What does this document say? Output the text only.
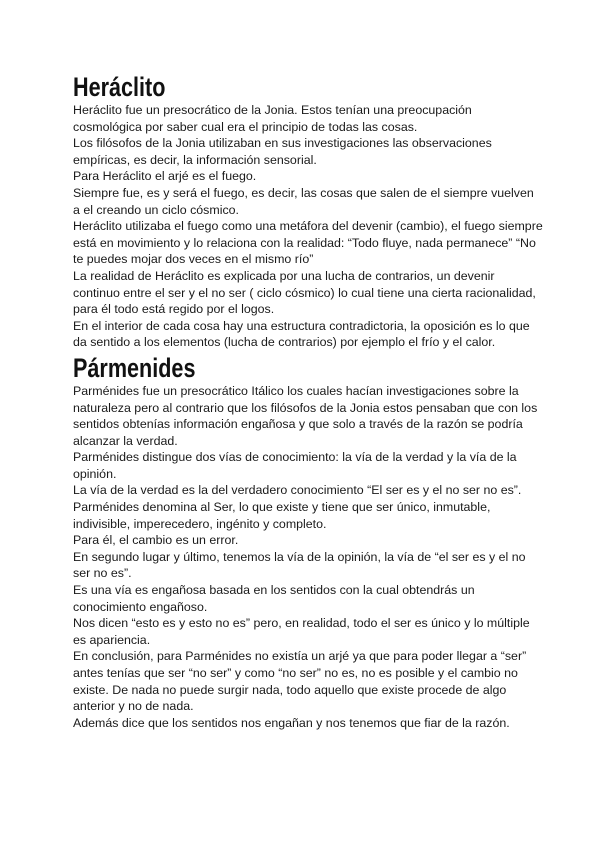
Heráclito

Heráclito fue un presocrático de la Jonia. Estos tenían una preocupación cosmológica por saber cual era el principio de todas las cosas.

Los filósofos de la Jonia utilizaban en sus investigaciones las observaciones empíricas, es decir, la información sensorial.

Para Heráclito el arjé es el fuego.

Siempre fue, es y será el fuego, es decir, las cosas que salen de el siempre vuelven a el creando un ciclo cósmico.

Heráclito utilizaba el fuego como una metáfora del devenir (cambio), el fuego siempre está en movimiento y lo relaciona con la realidad: “Todo fluye, nada permanece” “No te puedes mojar dos veces en el mismo río”

La realidad de Heráclito es explicada por una lucha de contrarios, un devenir continuo entre el ser y el no ser ( ciclo cósmico) lo cual tiene una cierta racionalidad, para él todo está regido por el logos.

En el interior de cada cosa hay una estructura contradictoria, la oposición es lo que da sentido a los elementos (lucha de contrarios) por ejemplo el frío y el calor.

Pármenides

Parménides fue un presocrático Itálico los cuales hacían investigaciones sobre la naturaleza pero al contrario que los filósofos de la Jonia estos pensaban que con los sentidos obtenías información engañosa y que solo a través de la razón se podría alcanzar la verdad.

Parménides distingue dos vías de conocimiento: la vía de la verdad y la vía de la opinión.

La vía de la verdad es la del verdadero conocimiento “El ser es y el no ser no es”.

Parménides denomina al Ser, lo que existe y tiene que ser único, inmutable, indivisible, imperecedero, ingénito y completo.

Para él, el cambio es un error.

En segundo lugar y último, tenemos la vía de la opinión, la vía de “el ser es y el no ser no es”.

Es una vía es engañosa basada en los sentidos con la cual obtendrás un conocimiento engañoso.

Nos dicen “esto es y esto no es” pero, en realidad, todo el ser es único y lo múltiple es apariencia.

En conclusión, para Parménides no existía un arjé ya que para poder llegar a “ser” antes tenías que ser “no ser” y como “no ser” no es, no es posible y el cambio no existe. De nada no puede surgir nada, todo aquello que existe procede de algo anterior y no de nada.

Además dice que los sentidos nos engañan y nos tenemos que fiar de la razón.
